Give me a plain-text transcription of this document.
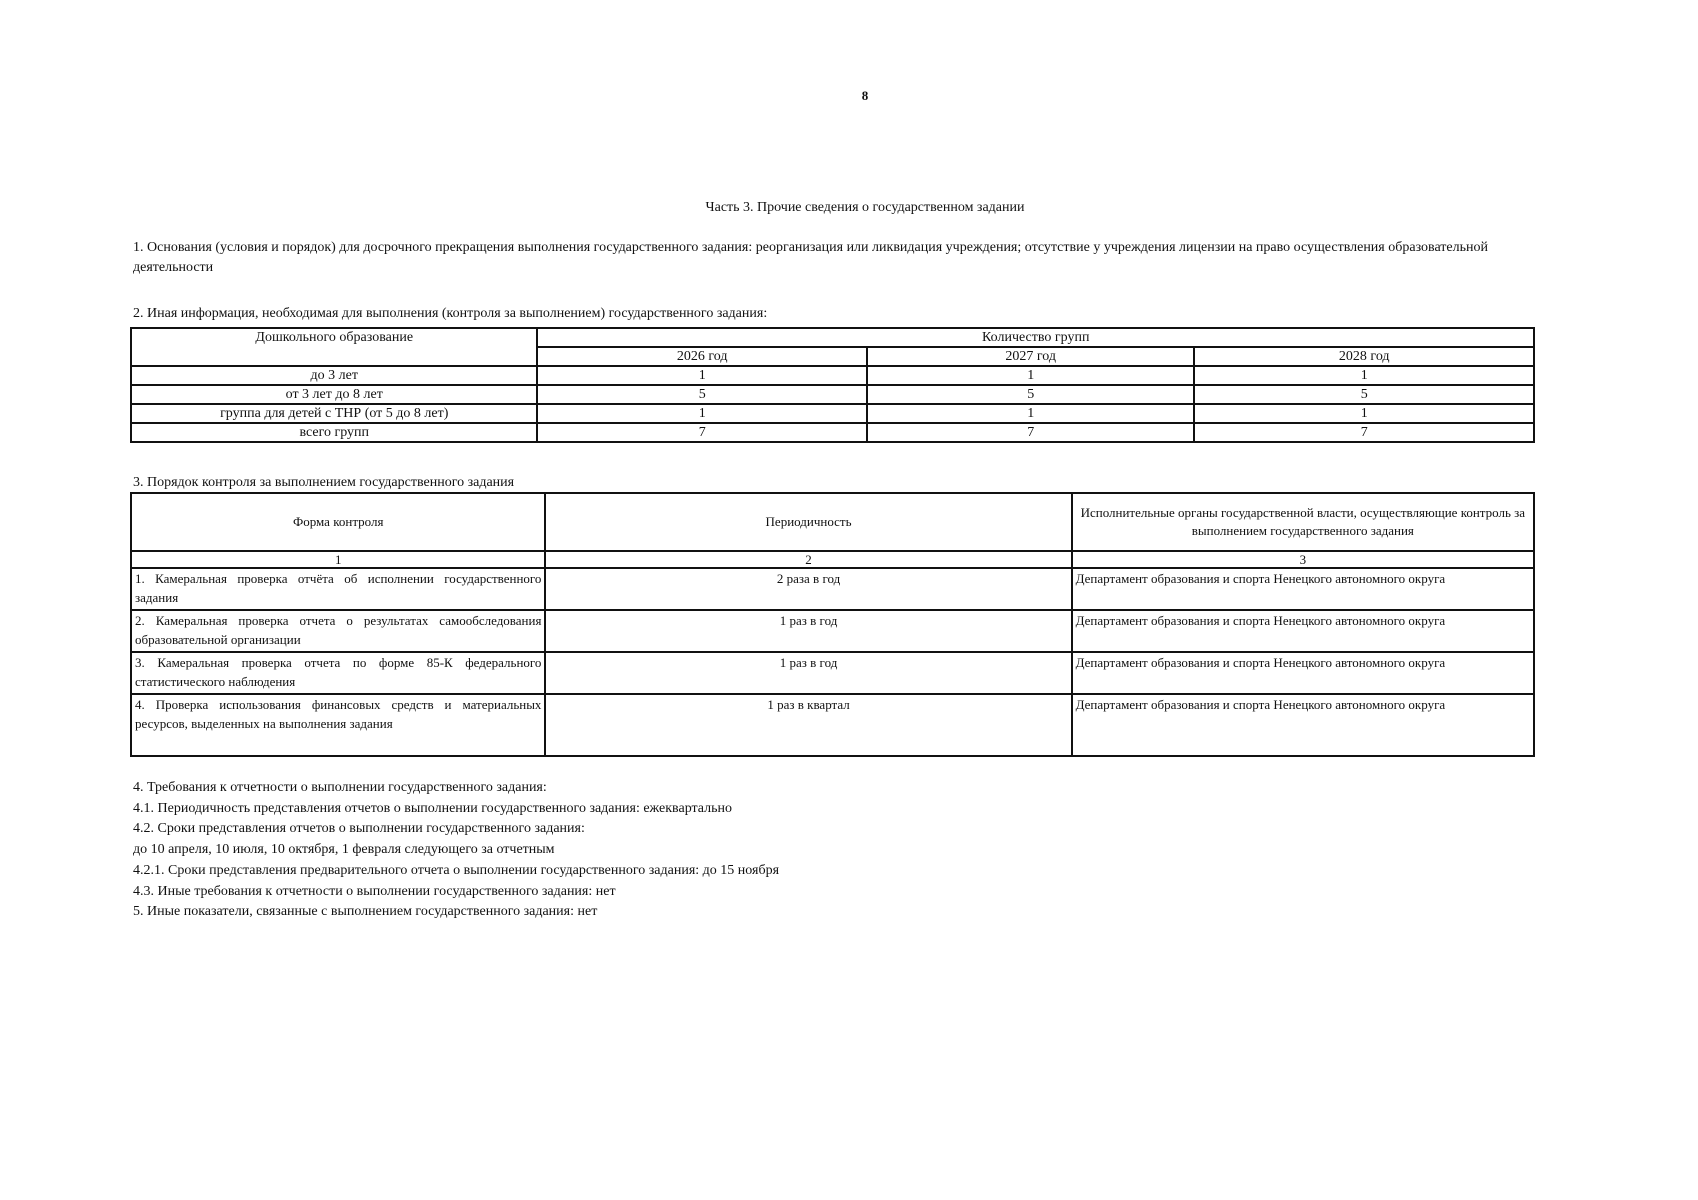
8
Часть 3. Прочие сведения о государственном задании
1. Основания (условия и порядок) для досрочного прекращения выполнения государственного задания: реорганизация или ликвидация учреждения; отсутствие у учреждения лицензии на право осуществления образовательной деятельности
2. Иная информация, необходимая для выполнения (контроля за выполнением) государственного задания:
Дошкольного образование	Количество групп		
	2026 год	2027 год	2028 год
до 3 лет	1	1	1
от 3 лет до 8 лет	5	5	5
группа для детей с ТНР (от 5 до 8 лет)	1	1	1
всего групп	7	7	7
3. Порядок контроля за выполнением государственного задания
Форма контроля	Периодичность	Исполнительные органы государственной власти, осуществляющие контроль за выполнением государственного задания
1	2	3
1. Камеральная проверка отчёта об исполнении государственного задания	2 раза в год	Департамент образования и спорта Ненецкого автономного округа
2. Камеральная проверка отчета о результатах самообследования образовательной организации	1 раз в год	Департамент образования и спорта Ненецкого автономного округа
3. Камеральная проверка отчета по форме 85-К федерального статистического наблюдения	1 раз в год	Департамент образования и спорта Ненецкого автономного округа
4. Проверка использования финансовых средств и материальных ресурсов, выделенных на выполнения задания	1 раз в квартал	Департамент образования и спорта Ненецкого автономного округа
4. Требования к отчетности о выполнении государственного задания:
4.1. Периодичность представления отчетов о выполнении государственного задания: ежеквартально
4.2. Сроки представления отчетов о выполнении государственного задания:
до 10 апреля, 10 июля, 10 октября, 1 февраля следующего за отчетным
4.2.1. Сроки представления предварительного отчета о выполнении государственного задания: до 15 ноября
4.3. Иные требования к отчетности о выполнении государственного задания: нет
5. Иные показатели, связанные с выполнением государственного задания: нет
